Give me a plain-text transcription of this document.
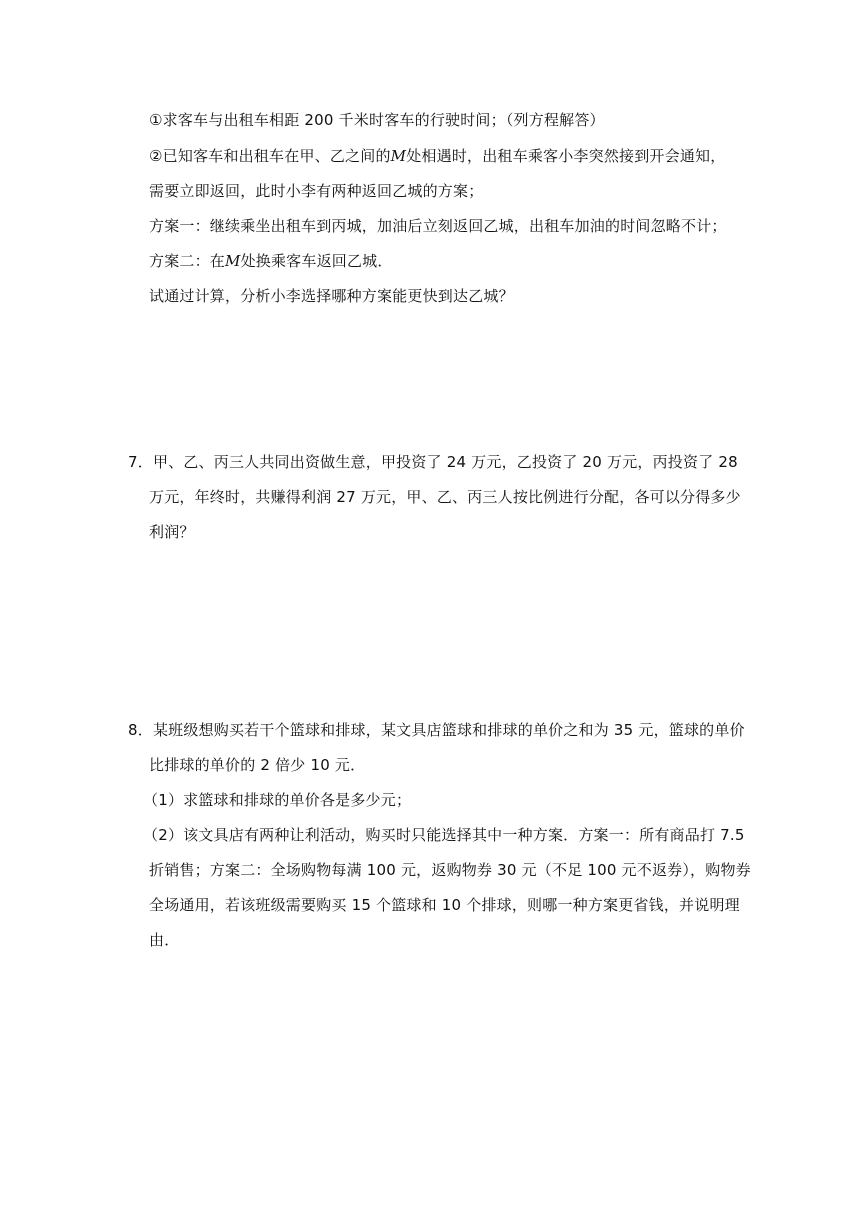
①求客车与出租车相距 200 千米时客车的行驶时间；（列方程解答）
②已知客车和出租车在甲、乙之间的M处相遇时，出租车乘客小李突然接到开会通知，
需要立即返回，此时小李有两种返回乙城的方案；
方案一：继续乘坐出租车到丙城，加油后立刻返回乙城，出租车加油的时间忽略不计；
方案二：在M处换乘客车返回乙城．
试通过计算，分析小李选择哪种方案能更快到达乙城？
7．甲、乙、丙三人共同出资做生意，甲投资了 24 万元，乙投资了 20 万元，丙投资了 28
万元，年终时，共赚得利润 27 万元，甲、乙、丙三人按比例进行分配，各可以分得多少
利润？
8．某班级想购买若干个篮球和排球，某文具店篮球和排球的单价之和为 35 元，篮球的单价
比排球的单价的 2 倍少 10 元．
（1）求篮球和排球的单价各是多少元；
（2）该文具店有两种让利活动，购买时只能选择其中一种方案．方案一：所有商品打 7.5
折销售；方案二：全场购物每满 100 元，返购物券 30 元（不足 100 元不返券），购物券
全场通用，若该班级需要购买 15 个篮球和 10 个排球，则哪一种方案更省钱，并说明理
由．
